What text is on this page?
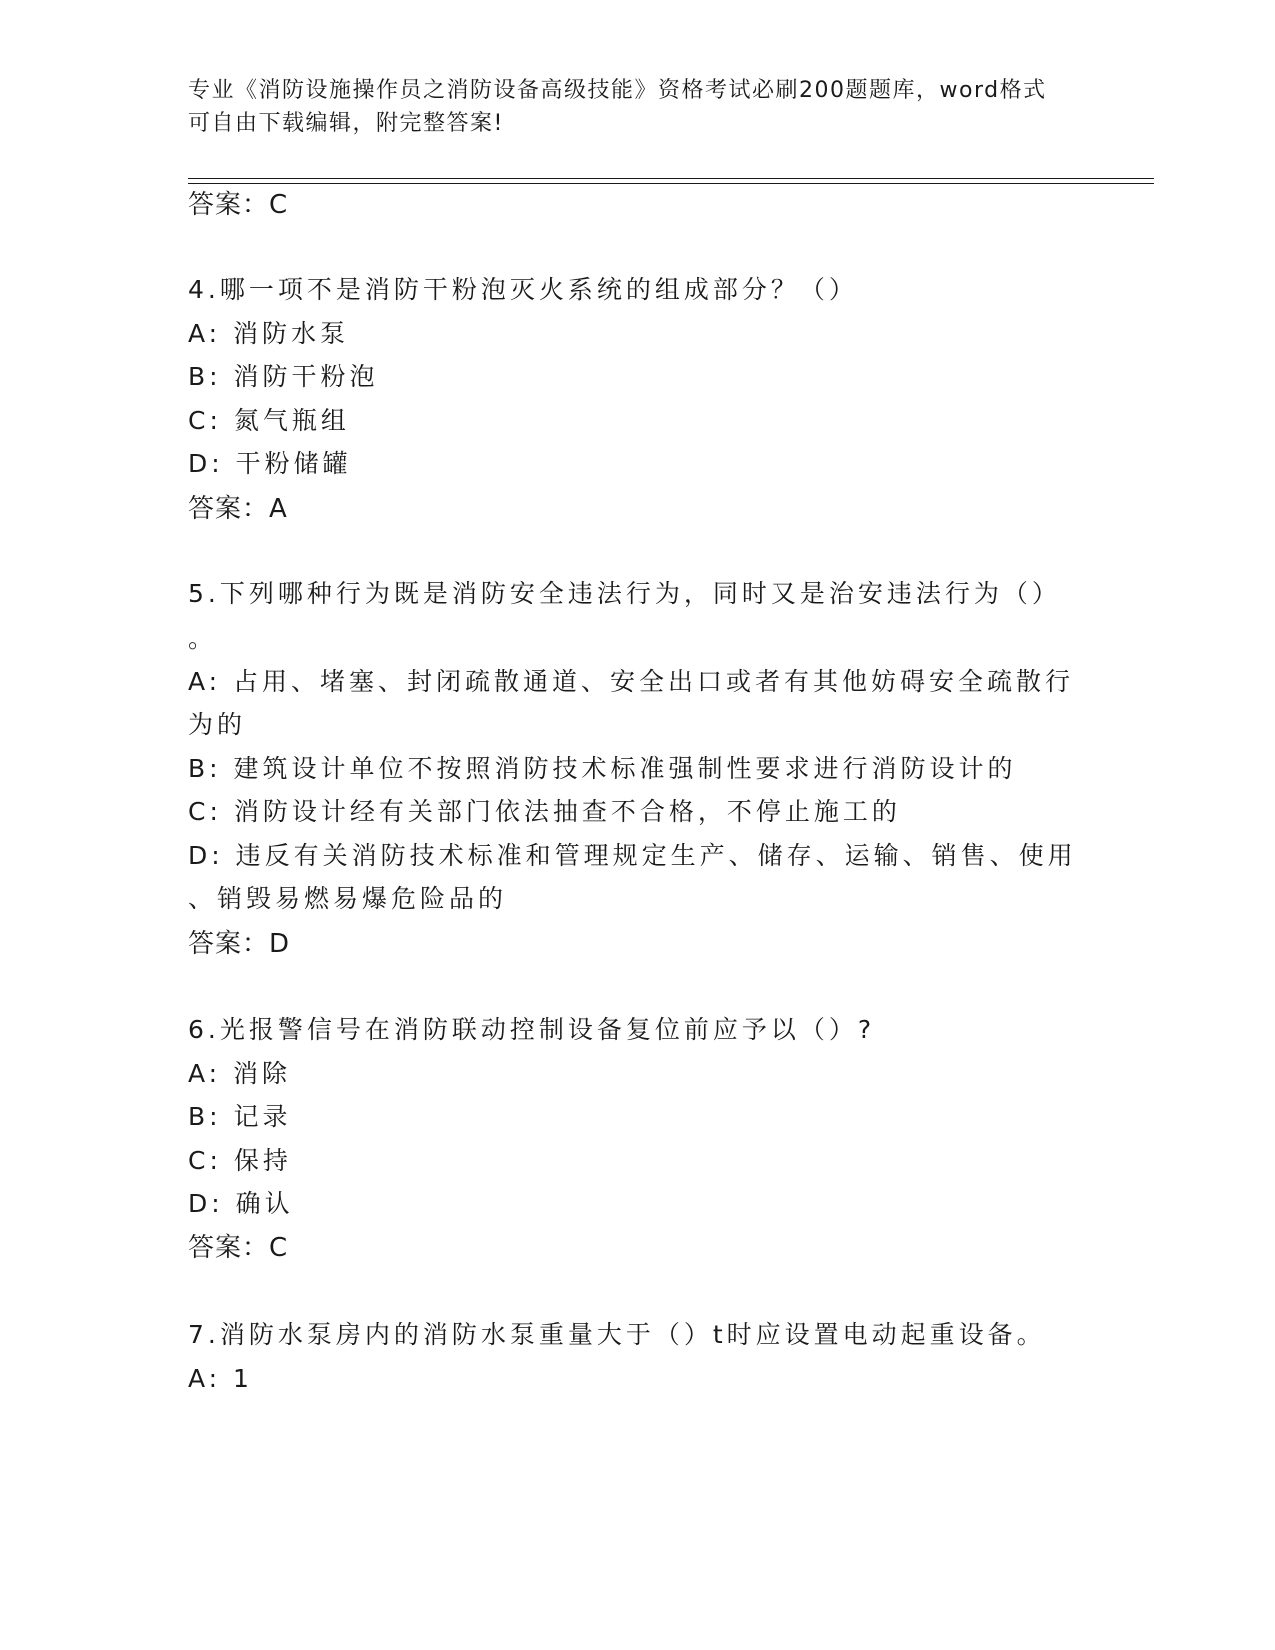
专业《消防设施操作员之消防设备高级技能》资格考试必刷200题题库，word格式可自由下载编辑，附完整答案!
答案：C
4.哪一项不是消防干粉泡灭火系统的组成部分？（）
A: 消防水泵
B: 消防干粉泡
C: 氮气瓶组
D: 干粉储罐
答案：A
5.下列哪种行为既是消防安全违法行为，同时又是治安违法行为（）
。
A: 占用、堵塞、封闭疏散通道、安全出口或者有其他妨碍安全疏散行
为的
B: 建筑设计单位不按照消防技术标准强制性要求进行消防设计的
C: 消防设计经有关部门依法抽查不合格，不停止施工的
D: 违反有关消防技术标准和管理规定生产、储存、运输、销售、使用
、销毁易燃易爆危险品的
答案：D
6.光报警信号在消防联动控制设备复位前应予以（）?
A: 消除
B: 记录
C: 保持
D: 确认
答案：C
7.消防水泵房内的消防水泵重量大于（）t时应设置电动起重设备。
A: 1
